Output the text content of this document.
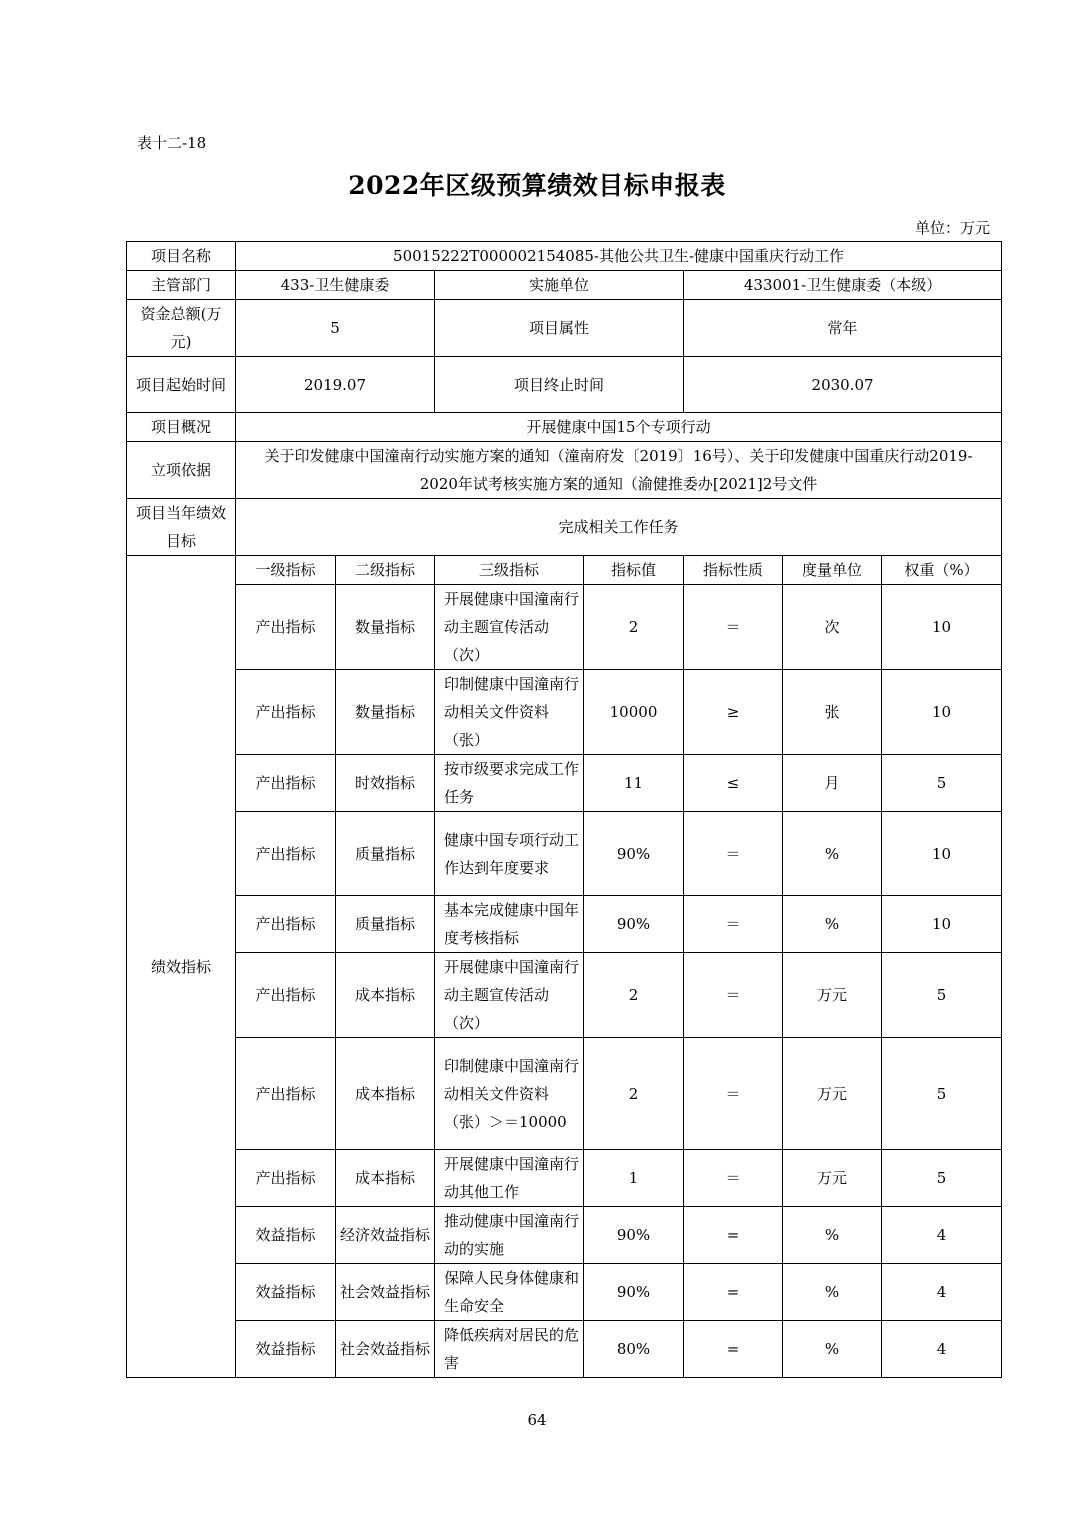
表十二-18
2022年区级预算绩效目标申报表
单位：万元
项目名称	50015222T000002154085-其他公共卫生-健康中国重庆行动工作						
主管部门	433-卫生健康委		实施单位		433001-卫生健康委（本级）		
资金总额(万元)	5		项目属性		常年		
项目起始时间	2019.07		项目终止时间		2030.07		
项目概况	开展健康中国15个专项行动						
立项依据	关于印发健康中国潼南行动实施方案的通知（潼南府发〔2019〕16号）、关于印发健康中国重庆行动2019-2020年试考核实施方案的通知（渝健推委办[2021]2号文件						
项目当年绩效目标	完成相关工作任务						
绩效指标	一级指标	二级指标	三级指标	指标值	指标性质	度量单位	权重（%）
	产出指标	数量指标	开展健康中国潼南行动主题宣传活动（次）	2	＝	次	10
	产出指标	数量指标	印制健康中国潼南行动相关文件资料（张）	10000	≥	张	10
	产出指标	时效指标	按市级要求完成工作任务	11	≤	月	5
	产出指标	质量指标	健康中国专项行动工作达到年度要求	90%	＝	%	10
	产出指标	质量指标	基本完成健康中国年度考核指标	90%	＝	%	10
	产出指标	成本指标	开展健康中国潼南行动主题宣传活动（次）	2	＝	万元	5
	产出指标	成本指标	印制健康中国潼南行动相关文件资料（张）＞＝10000	2	＝	万元	5
	产出指标	成本指标	开展健康中国潼南行动其他工作	1	＝	万元	5
	效益指标	经济效益指标	推动健康中国潼南行动的实施	90%	=	%	4
	效益指标	社会效益指标	保障人民身体健康和生命安全	90%	=	%	4
	效益指标	社会效益指标	降低疾病对居民的危害	80%	=	%	4
64
